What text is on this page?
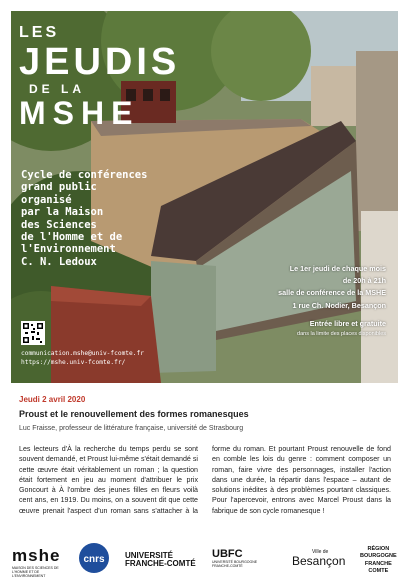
LES
JEUDIS
DE LA
MSHE
Cycle de conférences
grand public
organisé
par la Maison
des Sciences
de l'Homme et de
l'Environnement
C. N. Ledoux
Le 1er jeudi de chaque mois
de 20h à 21h
salle de conférence de la MSHE
1 rue Ch. Nodier, Besançon
Entrée libre et gratuite
dans la limite des places disponibles
communication.mshe@univ-fcomte.fr
https://mshe.univ-fcomte.fr/
Jeudi 2 avril 2020
Proust et le renouvellement des formes romanesques
Luc Fraisse, professeur de littérature française, université de Strasbourg
Les lecteurs d'À la recherche du temps perdu se sont souvent demandé, et Proust lui-même s'était demandé si cette œuvre était véritablement un roman ; la question était fortement en jeu au moment d'attribuer le prix Goncourt à À l'ombre des jeunes filles en fleurs voilà cent ans, en 1919. Du moins, on a souvent dit que cette œuvre prenait l'aspect d'un roman sans s'attacher à la forme du roman. Et pourtant Proust renouvelle de fond en comble les lois du genre : comment composer un roman, faire vivre des personnages, installer l'action dans une durée, la répartir dans l'espace – autant de solutions inédites à des problèmes pourtant classiques. Pour l'apercevoir, entrons avec Marcel Proust dans la fabrique de son cycle romanesque !
mshe
MAISON DES SCIENCES DE L'HOMME ET DE L'ENVIRONNEMENT
cnrs	UNIVERSITÉ
FRANCHE-COMTÉ
UBFC
UNIVERSITÉ BOURGOGNE FRANCHE-COMTÉ
Ville de
Besançon
RÉGION
BOURGOGNE
FRANCHE
COMTE
